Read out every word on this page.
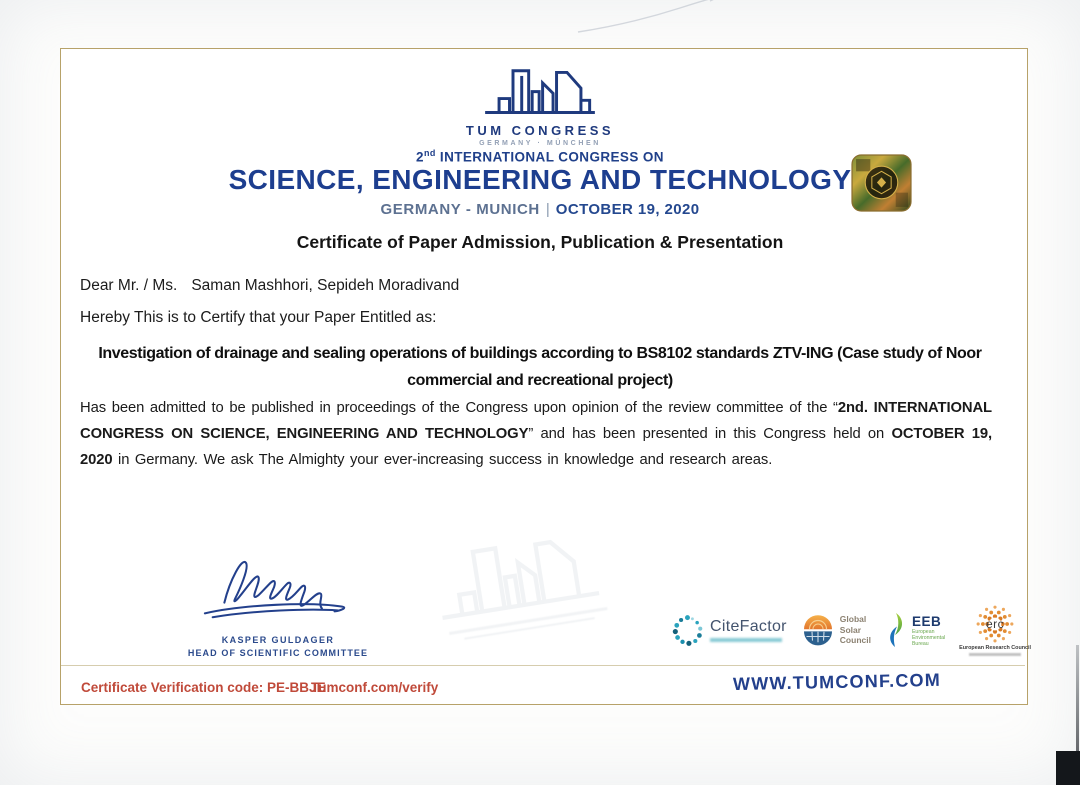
TUM CONGRESS
GERMANY · MÜNCHEN
2nd INTERNATIONAL CONGRESS ON
SCIENCE, ENGINEERING AND TECHNOLOGY
GERMANY - MUNICH | OCTOBER 19, 2020
Certificate of Paper Admission, Publication & Presentation
Dear Mr. / Ms. Saman Mashhori, Sepideh Moradivand
Hereby This is to Certify that your Paper Entitled as:
Investigation of drainage and sealing operations of buildings according to BS8102 standards ZTV-ING (Case study of Noor commercial and recreational project)
Has been admitted to be published in proceedings of the Congress upon opinion of the review committee of the “2nd. INTERNATIONAL CONGRESS ON SCIENCE, ENGINEERING AND TECHNOLOGY” and has been presented in this Congress held on OCTOBER 19, 2020 in Germany. We ask The Almighty your ever-increasing success in knowledge and research areas.
KASPER GULDAGER
HEAD OF SCIENTIFIC COMMITTEE
CiteFactor	Global
Solar
Council
EEB
European
Environmental
Bureau
erc
European Research Council
Certificate Verification code: PE-BBJE
Tumconf.com/verify	WWW.TUMCONF.COM
